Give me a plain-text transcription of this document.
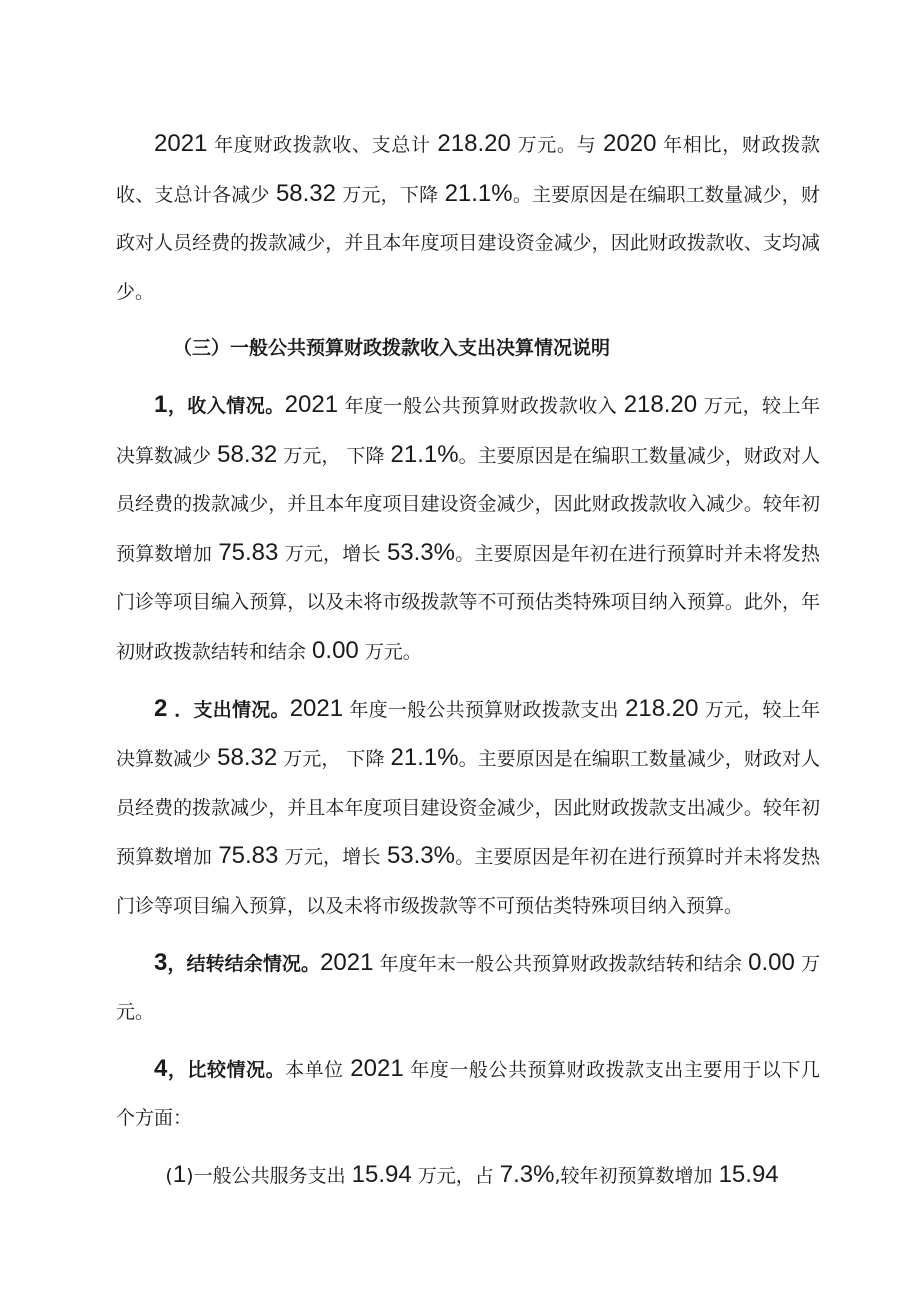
2021 年度财政拨款收、支总计 218.20 万元。与 2020 年相比，财政拨款收、支总计各减少 58.32 万元，下降 21.1%。主要原因是在编职工数量减少，财政对人员经费的拨款减少，并且本年度项目建设资金减少，因此财政拨款收、支均减少。

（三）一般公共预算财政拨款收入支出决算情况说明

1，收入情况。2021 年度一般公共预算财政拨款收入 218.20 万元，较上年决算数减少 58.32 万元， 下降 21.1%。主要原因是在编职工数量减少，财政对人员经费的拨款减少，并且本年度项目建设资金减少，因此财政拨款收入减少。较年初预算数增加 75.83 万元，增长 53.3%。主要原因是年初在进行预算时并未将发热门诊等项目编入预算，以及未将市级拨款等不可预估类特殊项目纳入预算。此外，年初财政拨款结转和结余 0.00 万元。

2 ．支出情况。2021 年度一般公共预算财政拨款支出 218.20 万元，较上年决算数减少 58.32 万元， 下降 21.1%。主要原因是在编职工数量减少，财政对人员经费的拨款减少，并且本年度项目建设资金减少，因此财政拨款支出减少。较年初预算数增加 75.83 万元，增长 53.3%。主要原因是年初在进行预算时并未将发热门诊等项目编入预算，以及未将市级拨款等不可预估类特殊项目纳入预算。

3，结转结余情况。2021 年度年末一般公共预算财政拨款结转和结余 0.00 万元。

4，比较情况。本单位 2021 年度一般公共预算财政拨款支出主要用于以下几个方面：

(1)一般公共服务支出 15.94 万元，占 7.3%,较年初预算数增加 15.94
